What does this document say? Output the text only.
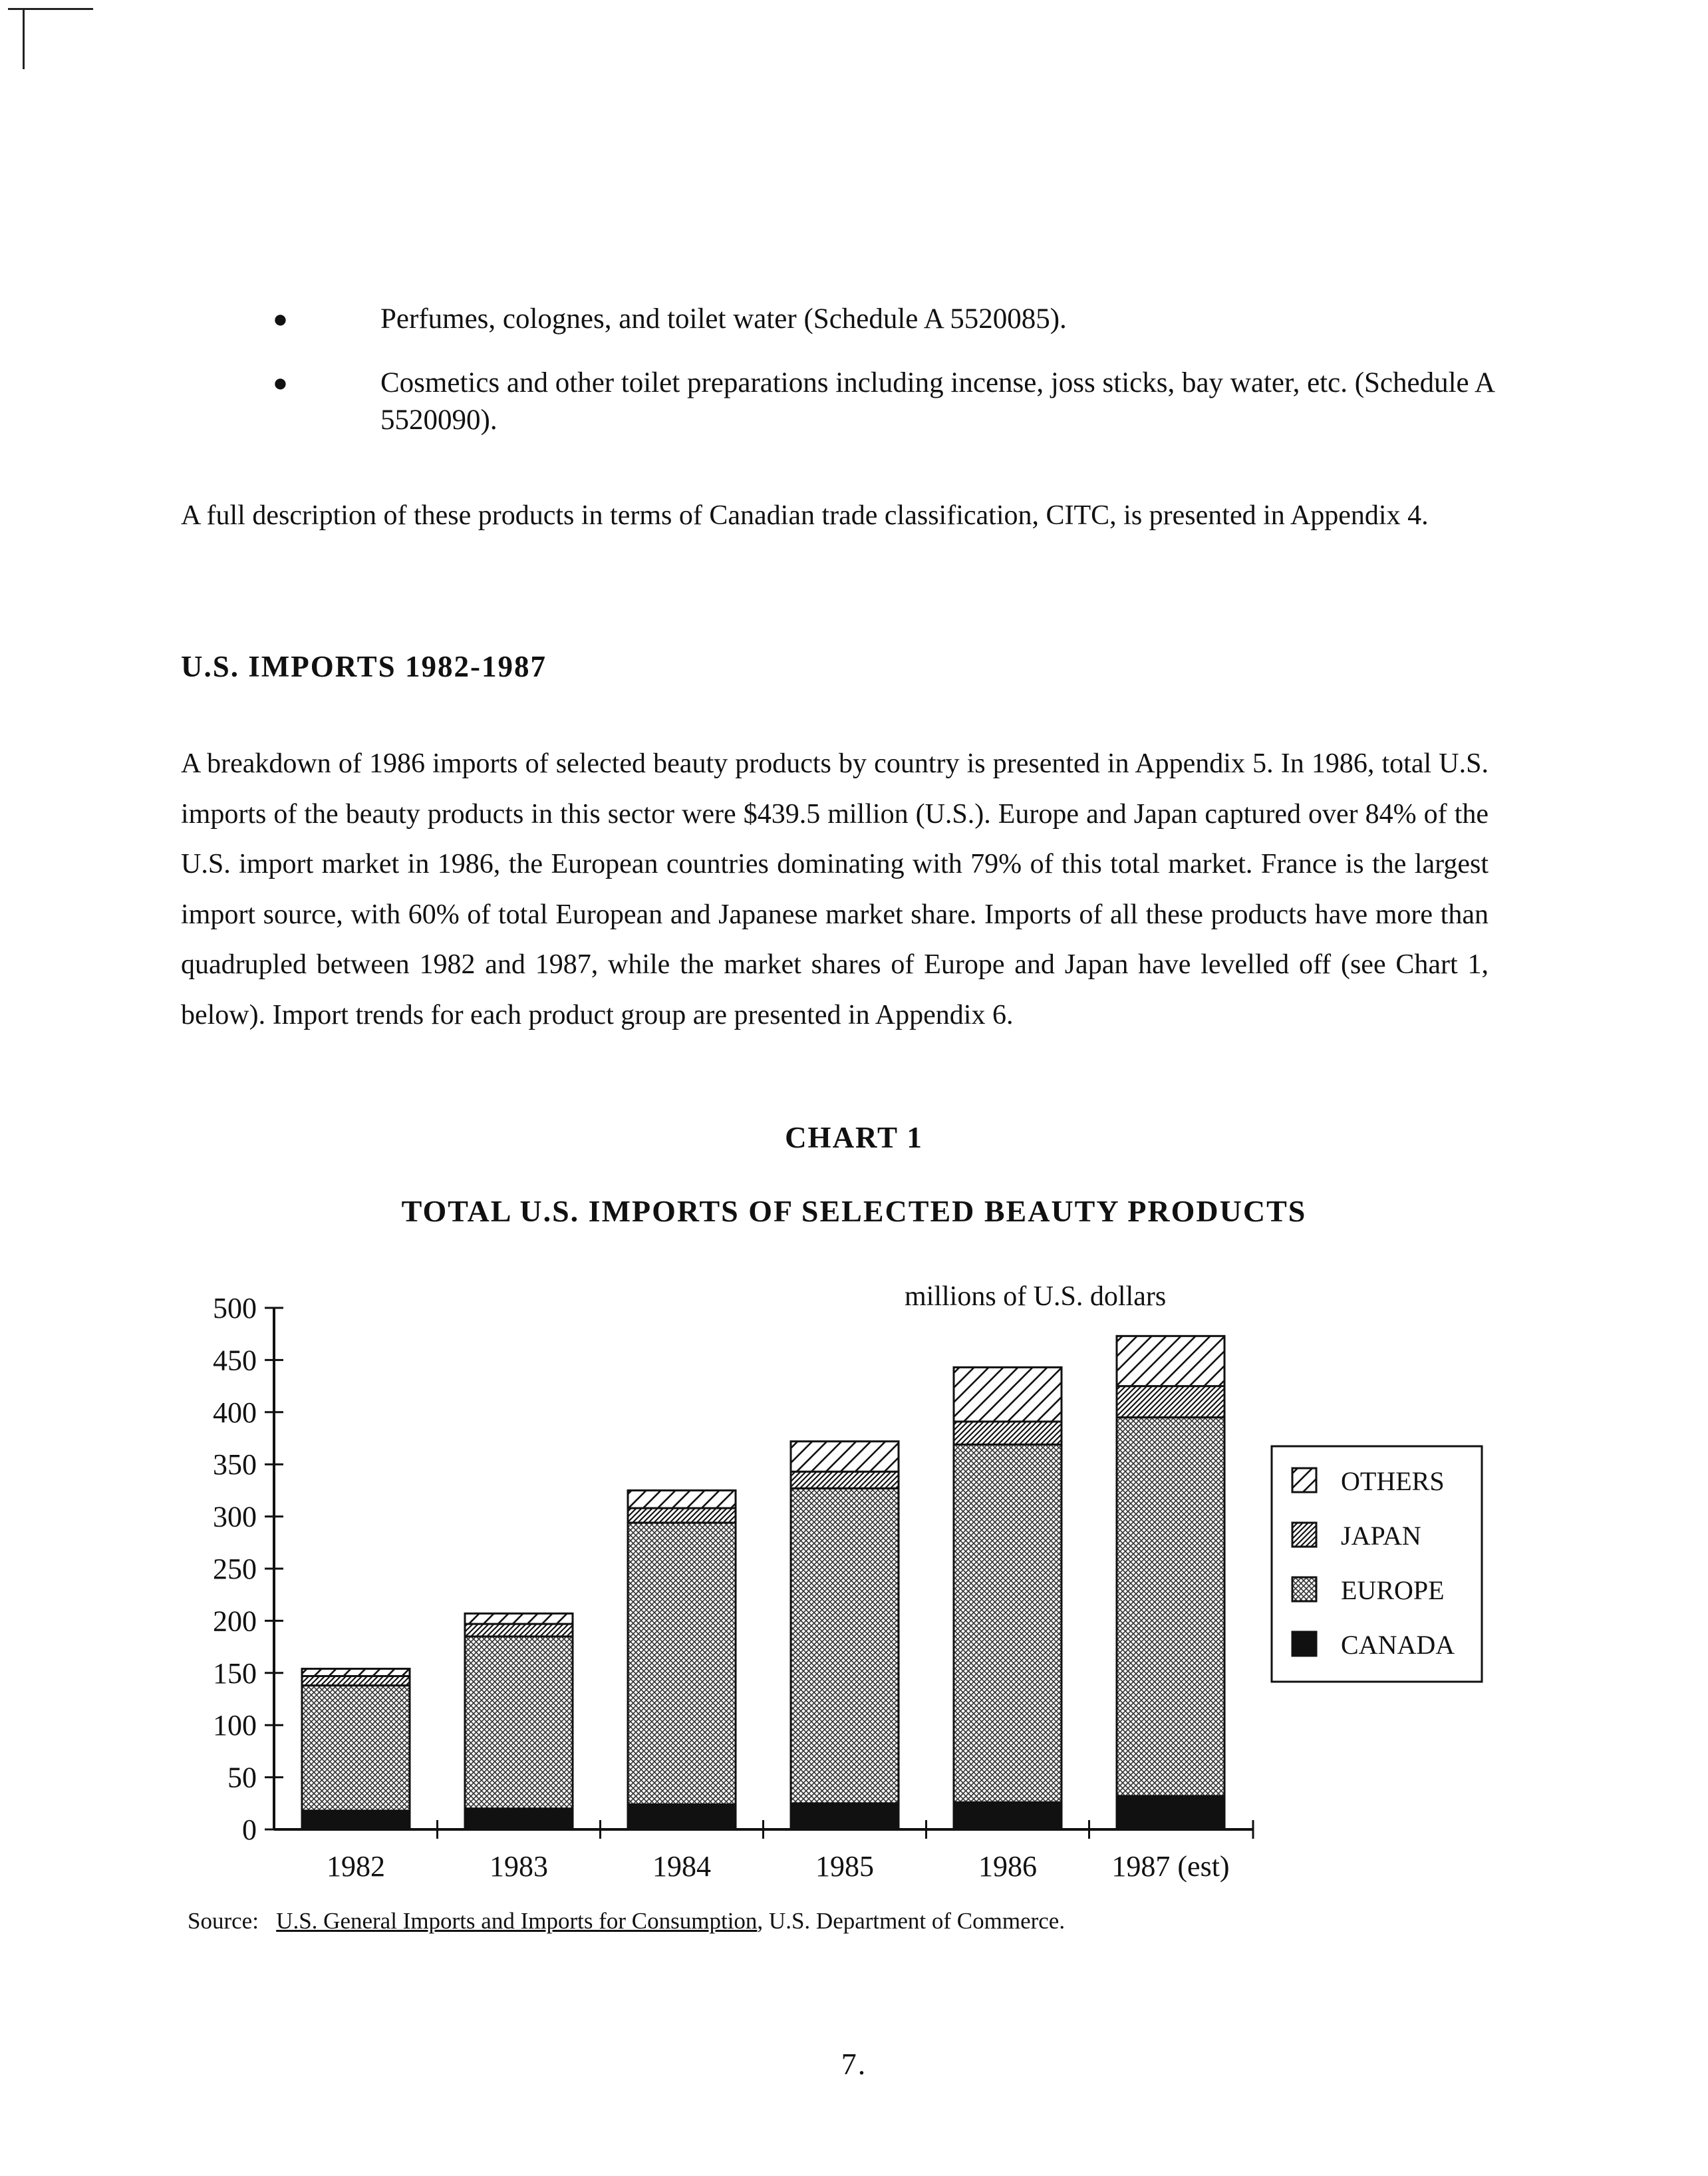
●	Perfumes, colognes, and toilet water (Schedule A 5520085).
●	Cosmetics and other toilet preparations including incense, joss sticks, bay water, etc. (Schedule A 5520090).
A full description of these products in terms of Canadian trade classification, CITC, is presented in Appendix 4.
U.S. IMPORTS 1982-1987
A breakdown of 1986 imports of selected beauty products by country is presented in Appendix 5. In 1986, total U.S. imports of the beauty products in this sector were $439.5 million (U.S.). Europe and Japan captured over 84% of the U.S. import market in 1986, the European countries dominating with 79% of this total market. France is the largest import source, with 60% of total European and Japanese market share. Imports of all these products have more than quadrupled between 1982 and 1987, while the market shares of Europe and Japan have levelled off (see Chart 1, below). Import trends for each product group are presented in Appendix 6.
CHART 1
TOTAL U.S. IMPORTS OF SELECTED BEAUTY PRODUCTS
0
50
100
150
200
250
300
350
400
450
500
1982	1983	1984	1985	1986	1987 (est)
OTHERS
JAPAN
EUROPE
CANADA
millions of U.S. dollars
Source: U.S. General Imports and Imports for Consumption, U.S. Department of Commerce.
7.
